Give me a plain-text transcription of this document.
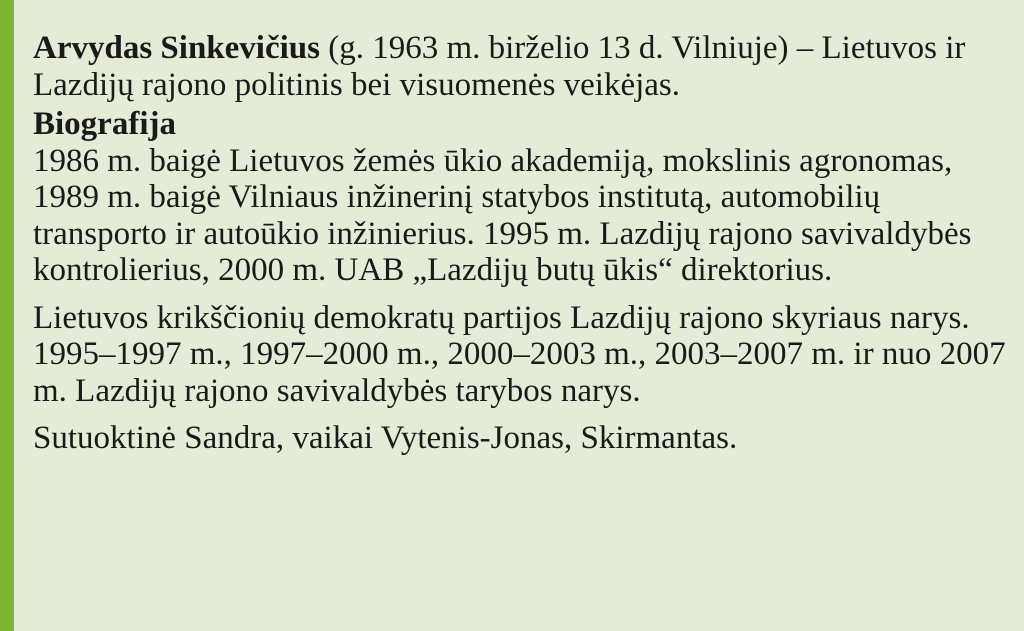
Arvydas Sinkevičius (g. 1963 m. birželio 13 d. Vilniuje) – Lietuvos ir Lazdijų rajono politinis bei visuomenės veikėjas.

Biografija

1986 m. baigė Lietuvos žemės ūkio akademiją, mokslinis agronomas, 1989 m. baigė Vilniaus inžinerinį statybos institutą, automobilių transporto ir autoūkio inžinierius. 1995 m. Lazdijų rajono savivaldybės kontrolierius, 2000 m. UAB „Lazdijų butų ūkis“ direktorius.

Lietuvos krikščionių demokratų partijos Lazdijų rajono skyriaus narys. 1995–1997 m., 1997–2000 m., 2000–2003 m., 2003–2007 m. ir nuo 2007 m. Lazdijų rajono savivaldybės tarybos narys.

Sutuoktinė Sandra, vaikai Vytenis-Jonas, Skirmantas.
